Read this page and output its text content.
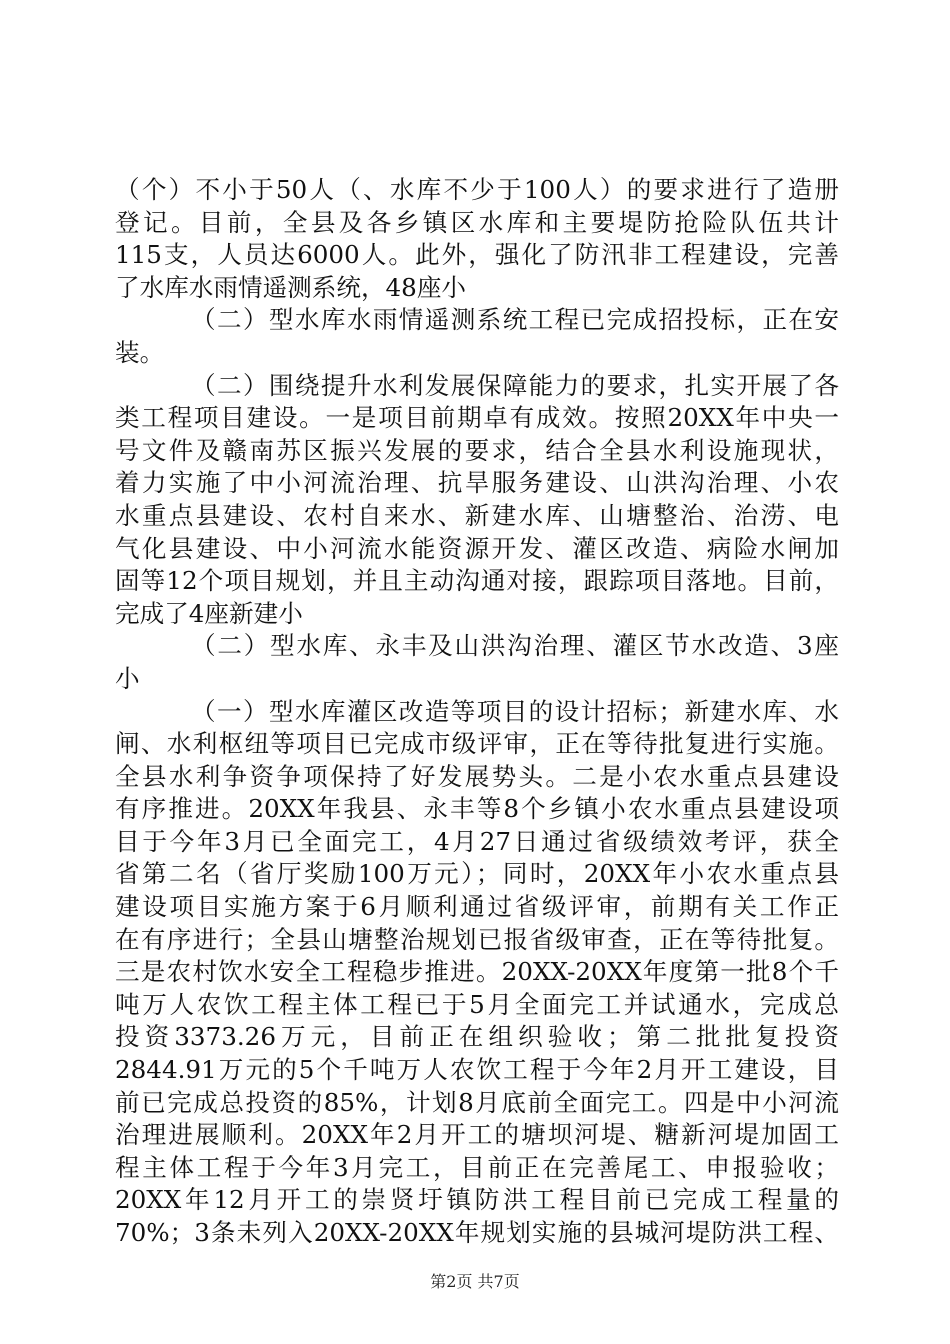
（个）不小于50人（、水库不少于100人）的要求进行了造册
登记。目前，全县及各乡镇区水库和主要堤防抢险队伍共计
115支，人员达6000人。此外，强化了防汛非工程建设，完善
了水库水雨情遥测系统，48座小
（二）型水库水雨情遥测系统工程已完成招投标，正在安
装。
（二）围绕提升水利发展保障能力的要求，扎实开展了各
类工程项目建设。一是项目前期卓有成效。按照20XX年中央一
号文件及赣南苏区振兴发展的要求，结合全县水利设施现状，
着力实施了中小河流治理、抗旱服务建设、山洪沟治理、小农
水重点县建设、农村自来水、新建水库、山塘整治、治涝、电
气化县建设、中小河流水能资源开发、灌区改造、病险水闸加
固等12个项目规划，并且主动沟通对接，跟踪项目落地。目前，
完成了4座新建小
（二）型水库、永丰及山洪沟治理、灌区节水改造、3座
小
（一）型水库灌区改造等项目的设计招标；新建水库、水
闸、水利枢纽等项目已完成市级评审，正在等待批复进行实施。
全县水利争资争项保持了好发展势头。二是小农水重点县建设
有序推进。20XX年我县、永丰等8个乡镇小农水重点县建设项
目于今年3月已全面完工，4月27日通过省级绩效考评，获全
省第二名（省厅奖励100万元）；同时，20XX年小农水重点县
建设项目实施方案于6月顺利通过省级评审，前期有关工作正
在有序进行；全县山塘整治规划已报省级审查，正在等待批复。
三是农村饮水安全工程稳步推进。20XX-20XX年度第一批8个千
吨万人农饮工程主体工程已于5月全面完工并试通水，完成总
投资3373.26万元，目前正在组织验收；第二批批复投资
2844.91万元的5个千吨万人农饮工程于今年2月开工建设，目
前已完成总投资的85%，计划8月底前全面完工。四是中小河流
治理进展顺利。20XX年2月开工的塘坝河堤、糖新河堤加固工
程主体工程于今年3月完工，目前正在完善尾工、申报验收；
20XX年12月开工的崇贤圩镇防洪工程目前已完成工程量的
70%；3条未列入20XX-20XX年规划实施的县城河堤防洪工程、
第2页 共7页
